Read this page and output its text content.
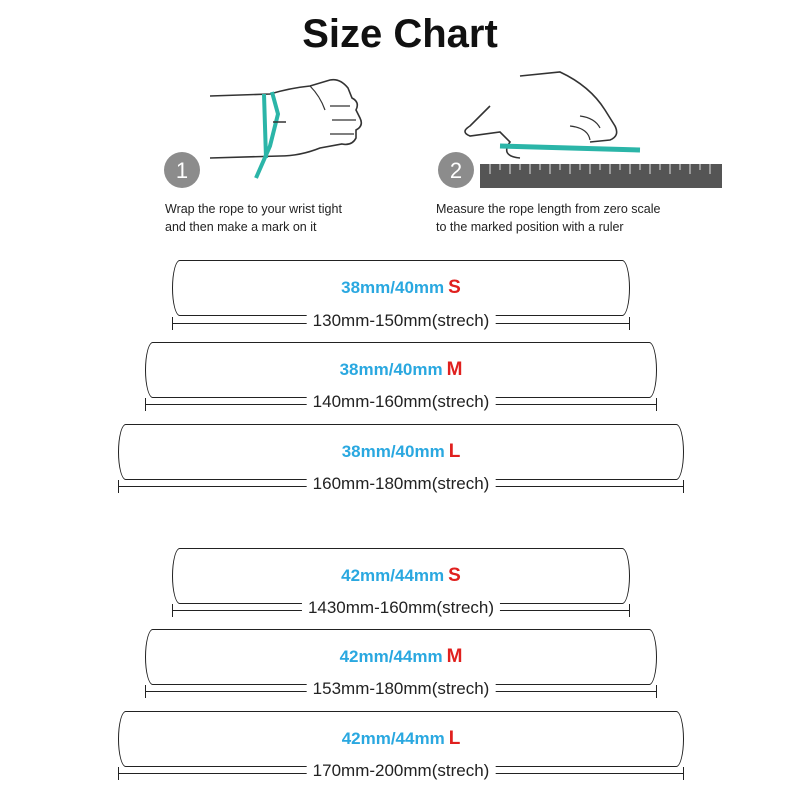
Size Chart
1	2
Wrap the rope to your wrist tight
and then make a mark on it
Measure the rope length from zero scale
to the marked position with a ruler
38mm/40mm S
130mm-150mm(strech)
38mm/40mm M
140mm-160mm(strech)
38mm/40mm L
160mm-180mm(strech)
42mm/44mm S
1430mm-160mm(strech)
42mm/44mm M
153mm-180mm(strech)
42mm/44mm L
170mm-200mm(strech)
